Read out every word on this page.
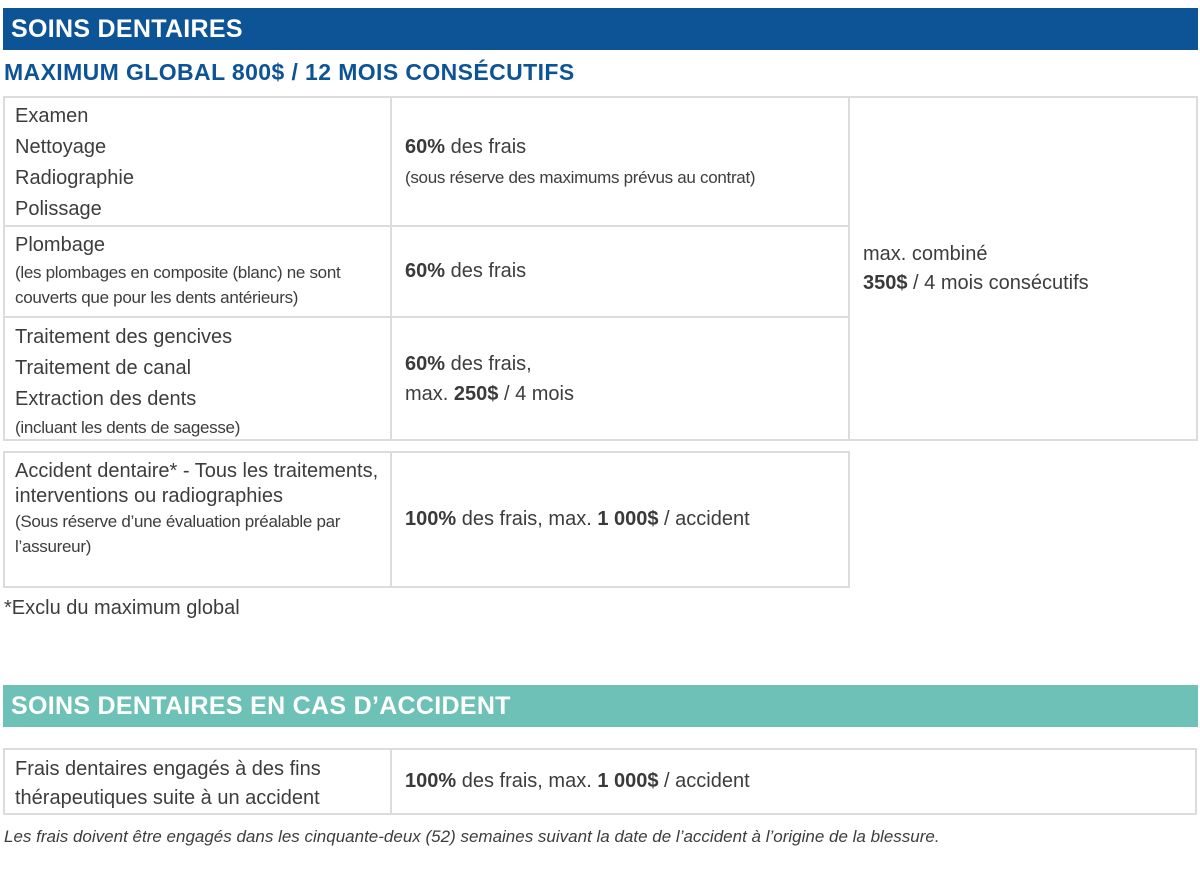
SOINS DENTAIRES
MAXIMUM GLOBAL 800$ / 12 MOIS CONSÉCUTIFS
Examen
Nettoyage
Radiographie
Polissage
60% des frais
(sous réserve des maximums prévus au contrat)
max. combiné
350$ / 4 mois consécutifs
Plombage
(les plombages en composite (blanc) ne sont couverts que pour les dents antérieurs)
60% des frais
Traitement des gencives
Traitement de canal
Extraction des dents
(incluant les dents de sagesse)
60% des frais,
max. 250$ / 4 mois
Accident dentaire* - Tous les traitements, interventions ou radiographies
(Sous réserve d’une évaluation préalable par l’assureur)
100% des frais, max. 1 000$ / accident
*Exclu du maximum global
SOINS DENTAIRES EN CAS D’ACCIDENT
Frais dentaires engagés à des fins thérapeutiques suite à un accident
100% des frais, max. 1 000$ / accident
Les frais doivent être engagés dans les cinquante-deux (52) semaines suivant la date de l’accident à l’origine de la blessure.
